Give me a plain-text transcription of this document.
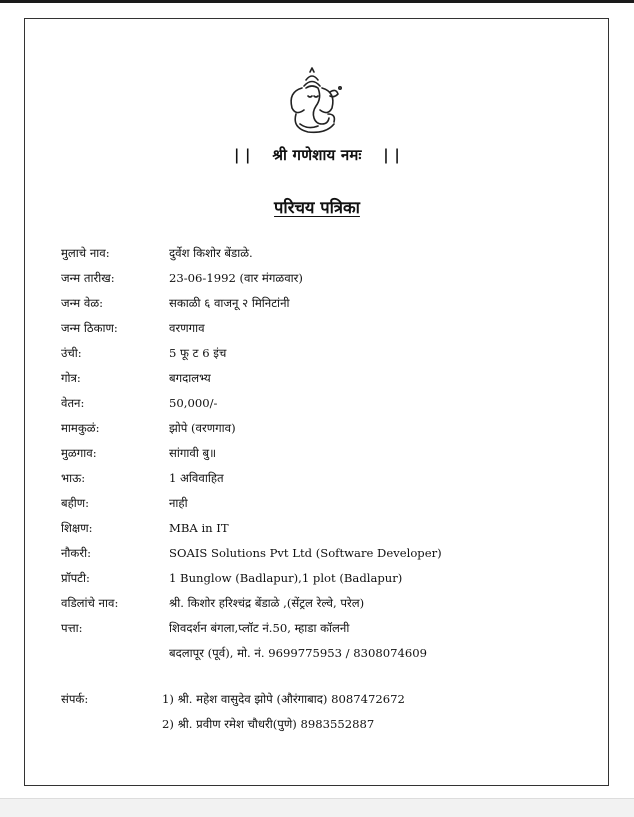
| | श्री गणेशाय नमः | |
परिचय पत्रिका
मुलाचे नाव:	दुर्वेश किशोर बेंडाळे.
जन्म तारीख:	23-06-1992 (वार मंगळवार)
जन्म वेळ:	सकाळी ६ वाजनू २ मिनिटांनी
जन्म ठिकाण:	वरणगाव
उंची:	5 फू ट 6 इंच
गोत्र:	बगदालभ्य
वेतन:	50,000/-
मामकुळं:	झोपे (वरणगाव)
मुळगाव:	सांगावी बु॥
भाऊ:	1 अविवाहित
बहीण:	नाही
शिक्षण:	MBA in IT
नौकरी:	SOAIS Solutions Pvt Ltd (Software Developer)
प्रॉपटी:	1 Bunglow (Badlapur),1 plot (Badlapur)
वडिलांचे नाव:	श्री. किशोर हरिश्चंद्र बेंडाळे ,(सेंट्रल रेल्वे, परेल)
पत्ता:	शिवदर्शन बंगला,प्लॉट नं.50, म्हाडा कॉलनी
बदलापूर (पूर्व), मो. नं. 9699775953 / 8308074609
संपर्क:	1) श्री. महेश वासुदेव झोपे (औरंगाबाद) 8087472672
2) श्री. प्रवीण रमेश चौधरी(पुणे) 8983552887
